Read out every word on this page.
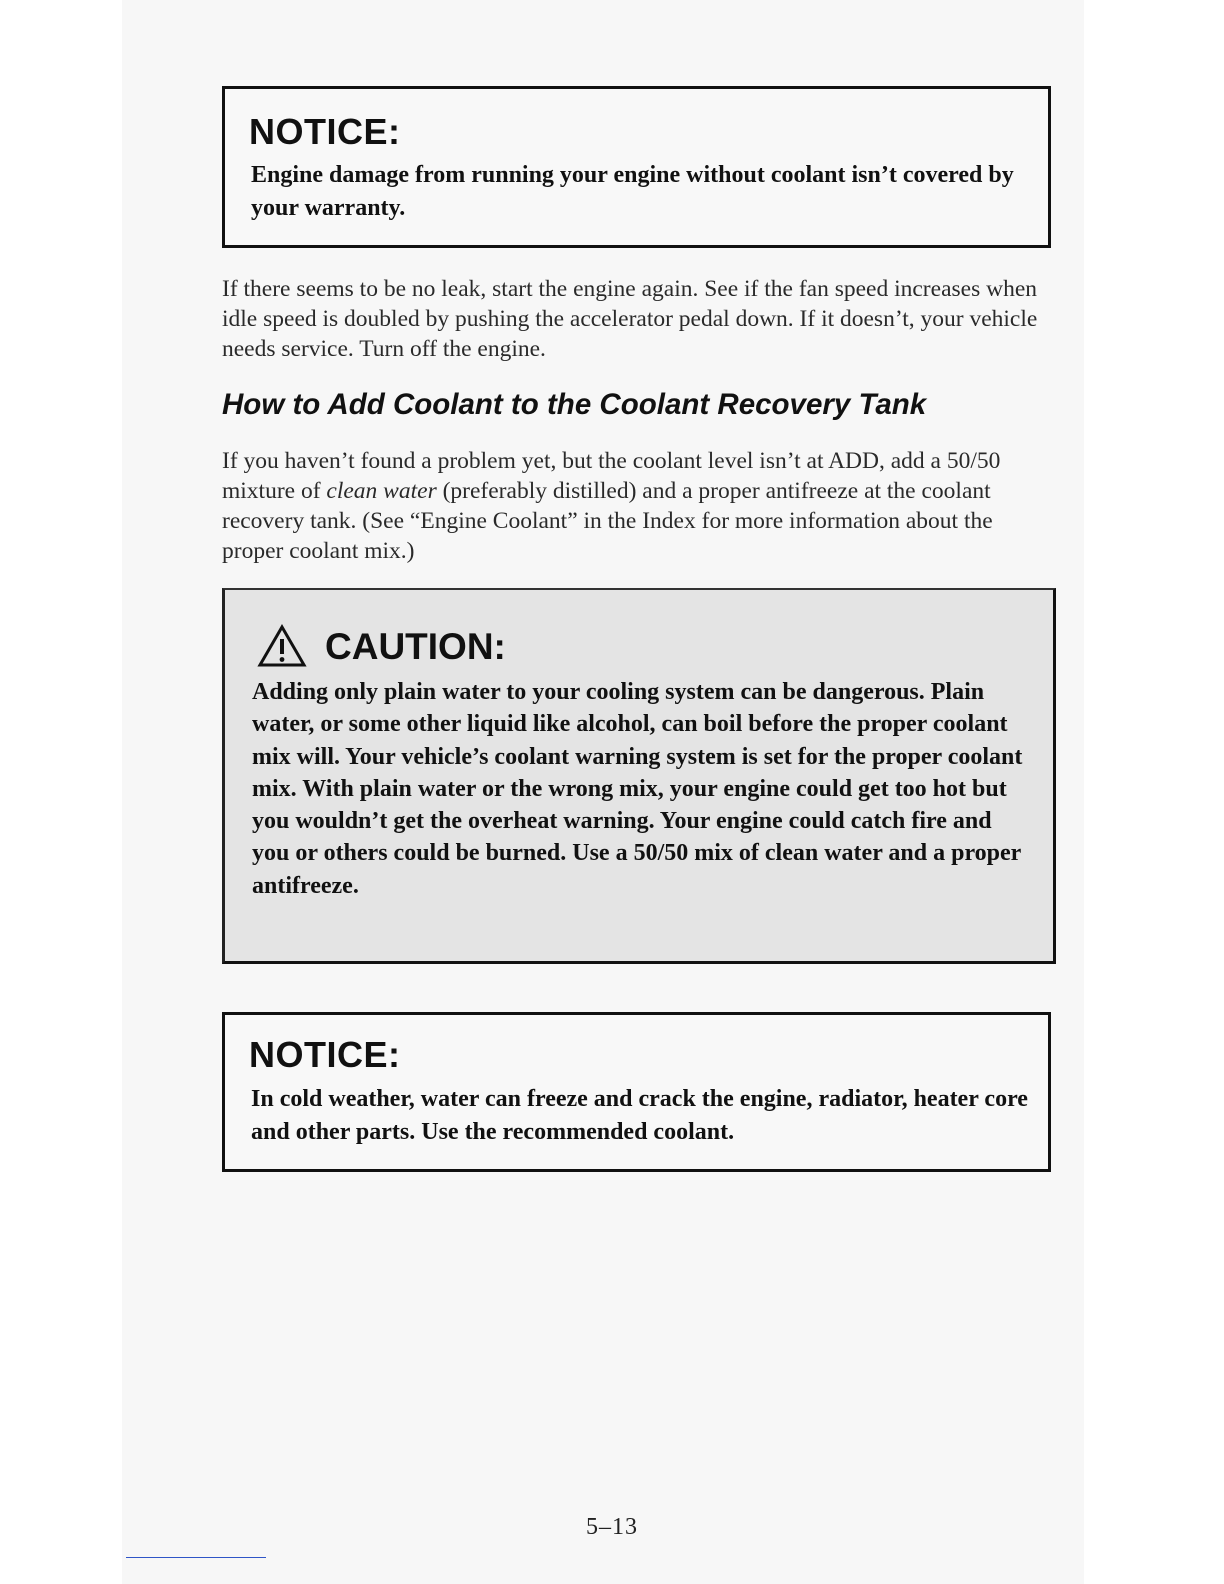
NOTICE:
Engine damage from running your engine without coolant isn’t covered by your warranty.
If there seems to be no leak, start the engine again. See if the fan speed increases when idle speed is doubled by pushing the accelerator pedal down. If it doesn’t, your vehicle needs service. Turn off the engine.
How to Add Coolant to the Coolant Recovery Tank
If you haven’t found a problem yet, but the coolant level isn’t at ADD, add a 50/50 mixture of clean water (preferably distilled) and a proper antifreeze at the coolant recovery tank. (See “Engine Coolant” in the Index for more information about the proper coolant mix.)
CAUTION:
Adding only plain water to your cooling system can be dangerous. Plain water, or some other liquid like alcohol, can boil before the proper coolant mix will. Your vehicle’s coolant warning system is set for the proper coolant mix. With plain water or the wrong mix, your engine could get too hot but you wouldn’t get the overheat warning. Your engine could catch fire and you or others could be burned. Use a 50/50 mix of clean water and a proper antifreeze.
NOTICE:
In cold weather, water can freeze and crack the engine, radiator, heater core and other parts. Use the recommended coolant.
5–13
